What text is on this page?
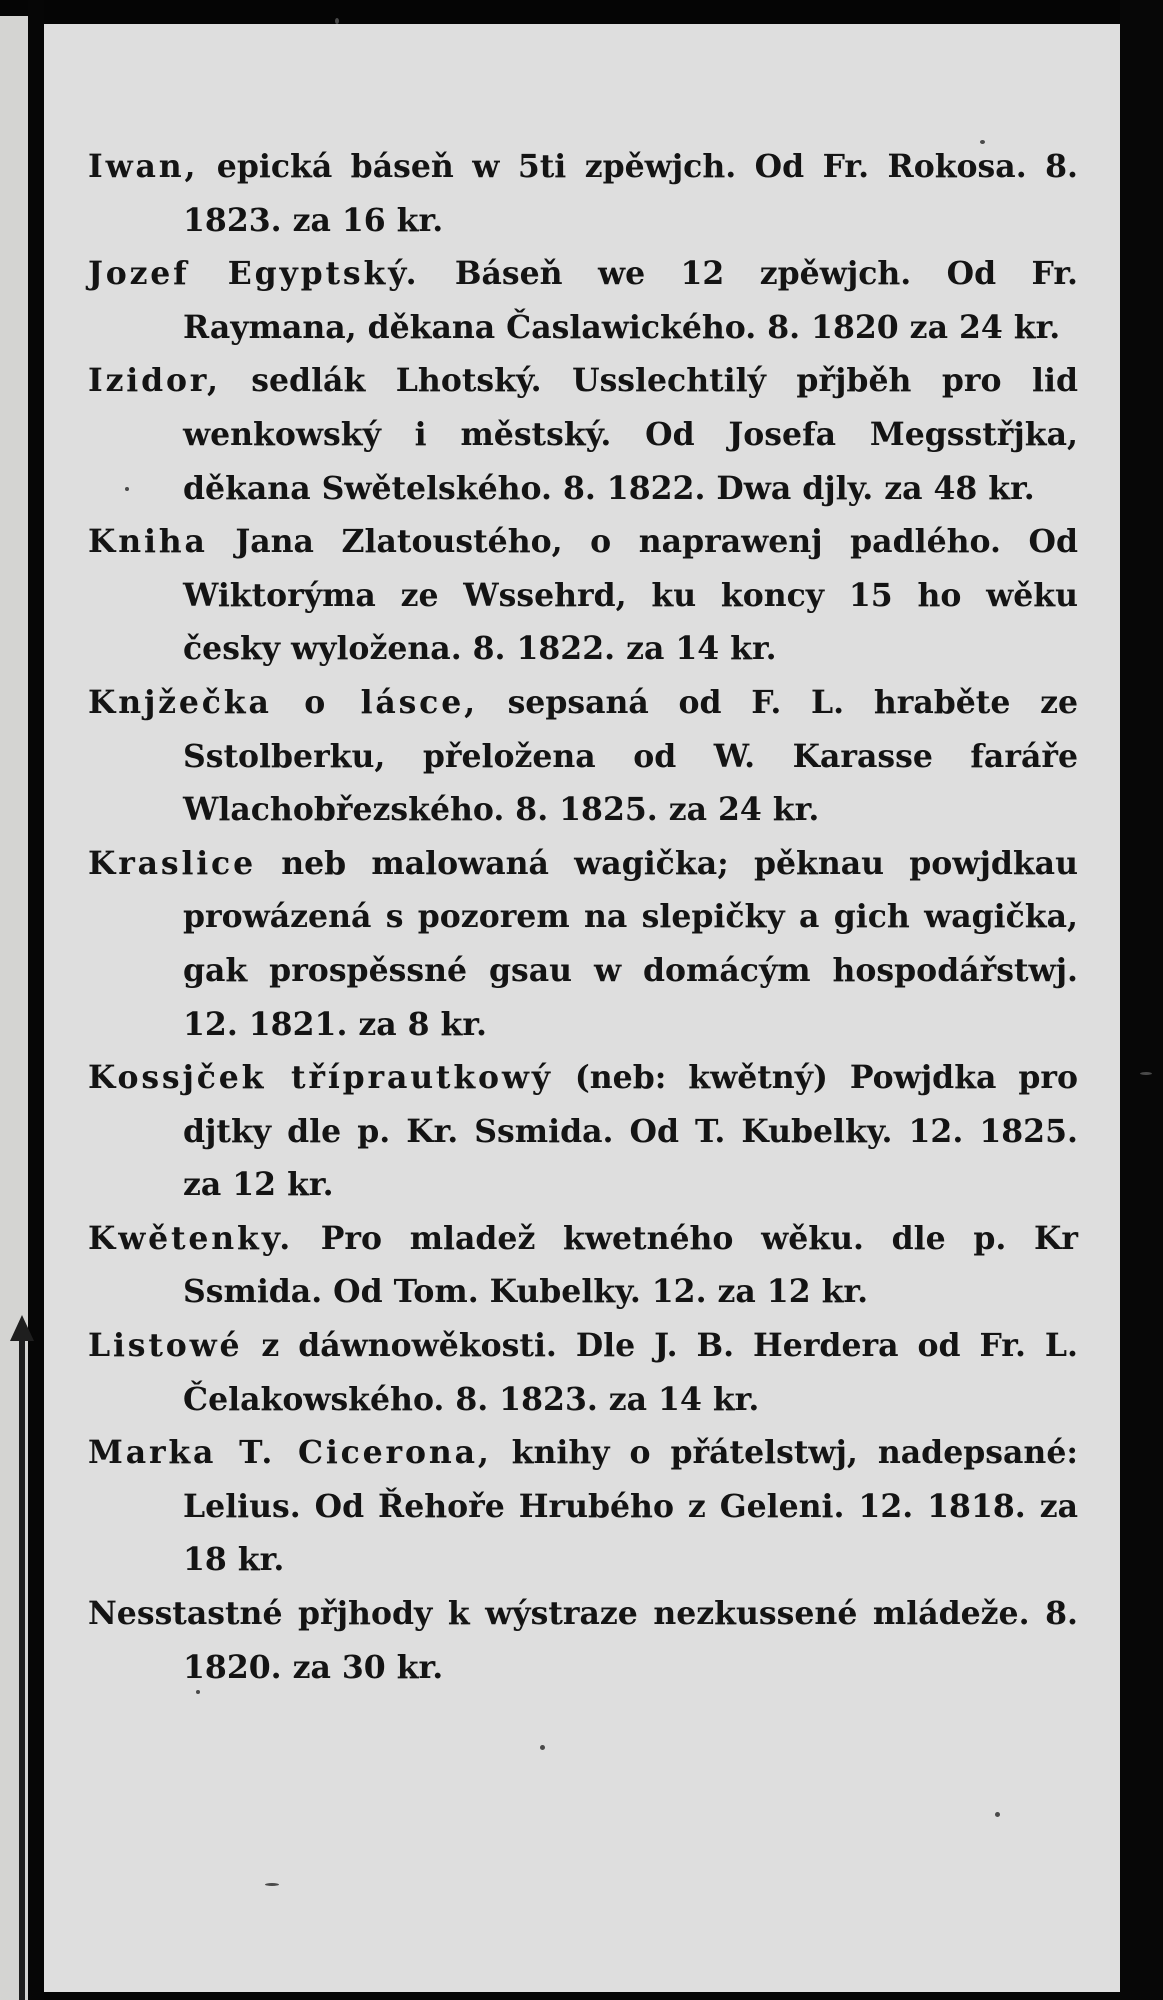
Iwan, epická báseň w 5ti zpěwjch. Od Fr. Rokosa. 8. 1823. za 16 kr.

Jozef Egyptský. Báseň we 12 zpěwjch. Od Fr. Raymana, děkana Časlawického. 8. 1820 za 24 kr.

Izidor, sedlák Lhotský. Usslechtilý přjběh pro lid wenkowský i městský. Od Josefa Megsstřjka, děkana Swětelského. 8. 1822. Dwa djly. za 48 kr.

Kniha Jana Zlatoustého, o naprawenj padlého. Od Wiktorýma ze Wssehrd, ku koncy 15 ho wěku česky wyložena. 8. 1822. za 14 kr.

Knjžečka o lásce, sepsaná od F. L. hraběte ze Sstolberku, přeložena od W. Karasse faráře Wlachobřezského. 8. 1825. za 24 kr.

Kraslice neb malowaná wagička; pěknau powjdkau prowázená s pozorem na slepičky a gich wagička, gak prospěssné gsau w domácým hospodářstwj. 12. 1821. za 8 kr.

Kossjček tříprautkowý (neb: kwětný) Powjdka pro djtky dle p. Kr. Ssmida. Od T. Kubelky. 12. 1825. za 12 kr.

Kwětenky. Pro mladež kwetného wěku. dle p. Kr Ssmida. Od Tom. Kubelky. 12. za 12 kr.

Listowé z dáwnowěkosti. Dle J. B. Herdera od Fr. L. Čelakowského. 8. 1823. za 14 kr.

Marka T. Cicerona, knihy o přátelstwj, nadepsané: Lelius. Od Řehoře Hrubého z Geleni. 12. 1818. za 18 kr.

Nesstastné přjhody k wýstraze nezkussené mládeže. 8. 1820. za 30 kr.
